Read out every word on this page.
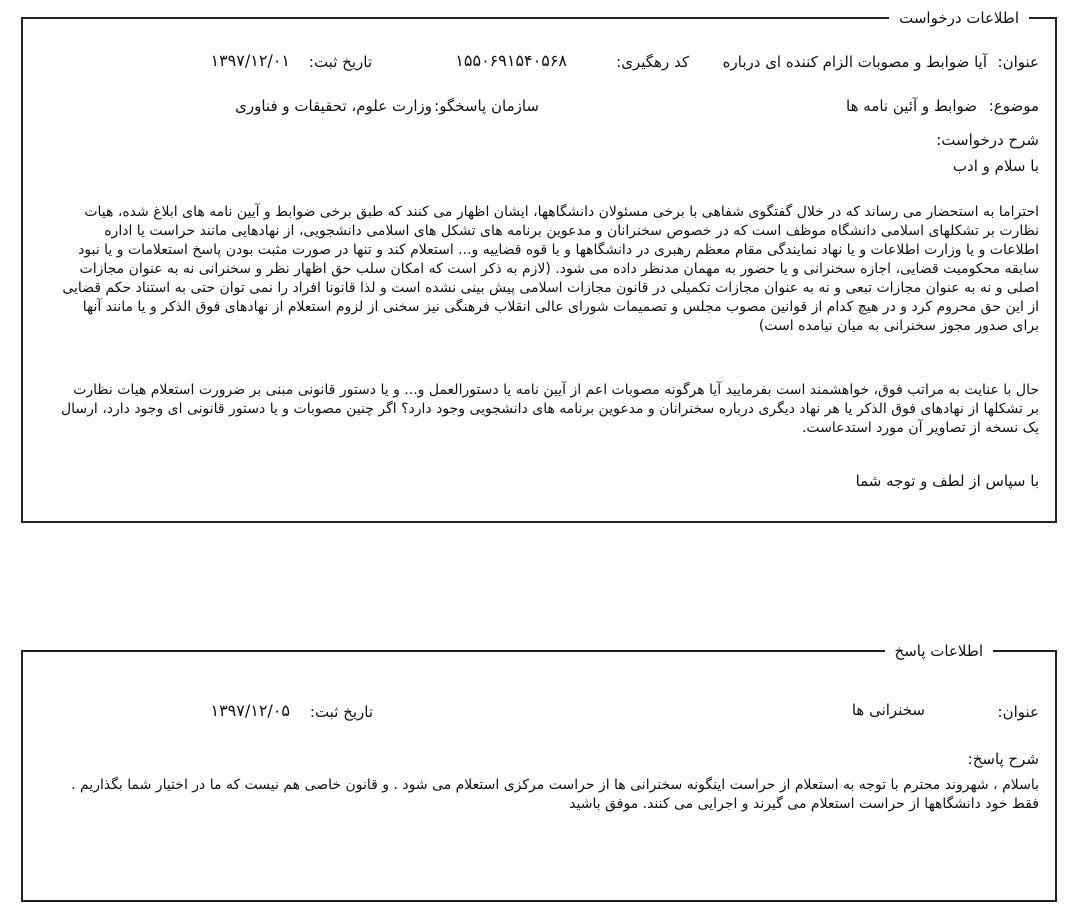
اطلاعات درخواست
عنوان:
آیا ضوابط و مصوبات الزام کننده ای درباره
کد رهگیری:
۱۵۵۰۶۹۱۵۴۰۵۶۸
تاریخ ثبت:
۱۳۹۷/۱۲/۰۱
موضوع:
ضوابط و آئین نامه ها
سازمان پاسخگو:
وزارت علوم، تحقیقات و فناوری
شرح درخواست:
با سلام و ادب
احتراما به استحضار می رساند که در خلال گفتگوی شفاهی با برخی مسئولان دانشگاهها، ایشان اظهار می کنند که طبق برخی ضوابط و آیین نامه های ابلاغ شده، هیات نظارت بر تشکلهای اسلامی دانشگاه موظف است که در خصوص سخنرانان و مدعوین برنامه های تشکل های اسلامی دانشجویی، از نهادهایی مانند حراست یا اداره اطلاعات و یا وزارت اطلاعات و یا نهاد نمایندگی مقام معظم رهبری در دانشگاهها و یا قوه قضاییه و... استعلام کند و تنها در صورت مثبت بودن پاسخ استعلامات و یا نبود سابقه محکومیت قضایی، اجازه سخنرانی و یا حضور به مهمان مدنظر داده می شود. (لازم به ذکر است که امکان سلب حق اظهار نظر و سخنرانی نه به عنوان مجازات اصلی و نه به عنوان مجازات تبعی و نه به عنوان مجازات تکمیلی در قانون مجازات اسلامی پیش بینی نشده است و لذا قانونا افراد را نمی توان حتی به استناد حکم قضایی از این حق محروم کرد و در هیچ کدام از قوانین مصوب مجلس و تصمیمات شورای عالی انقلاب فرهنگی نیز سخنی از لزوم استعلام از نهادهای فوق الذکر و یا مانند آنها برای صدور مجوز سخنرانی به میان نیامده است)
حال با عنایت به مراتب فوق، خواهشمند است بفرمایید آیا هرگونه مصوبات اعم از آیین نامه یا دستورالعمل و... و یا دستور قانونی مبنی بر ضرورت استعلام هیات نظارت بر تشکلها از نهادهای فوق الذکر یا هر نهاد دیگری درباره سخنرانان و مدعوین برنامه های دانشجویی وجود دارد؟ اگر چنین مصوبات و یا دستور قانونی ای وجود دارد، ارسال یک نسخه از تصاویر آن مورد استدعاست.
با سپاس از لطف و توجه شما
اطلاعات پاسخ
عنوان:
سخنرانی ها
تاریخ ثبت:
۱۳۹۷/۱۲/۰۵
شرح پاسخ:
باسلام ، شهروند محترم با توجه به استعلام از حراست اینگونه سخنرانی ها از حراست مرکزی استعلام می شود . و قانون خاصی هم نیست که ما در اختیار شما بگذاریم . فقط خود دانشگاهها از حراست استعلام می گیرند و اجرایی می کنند. موفق باشید
